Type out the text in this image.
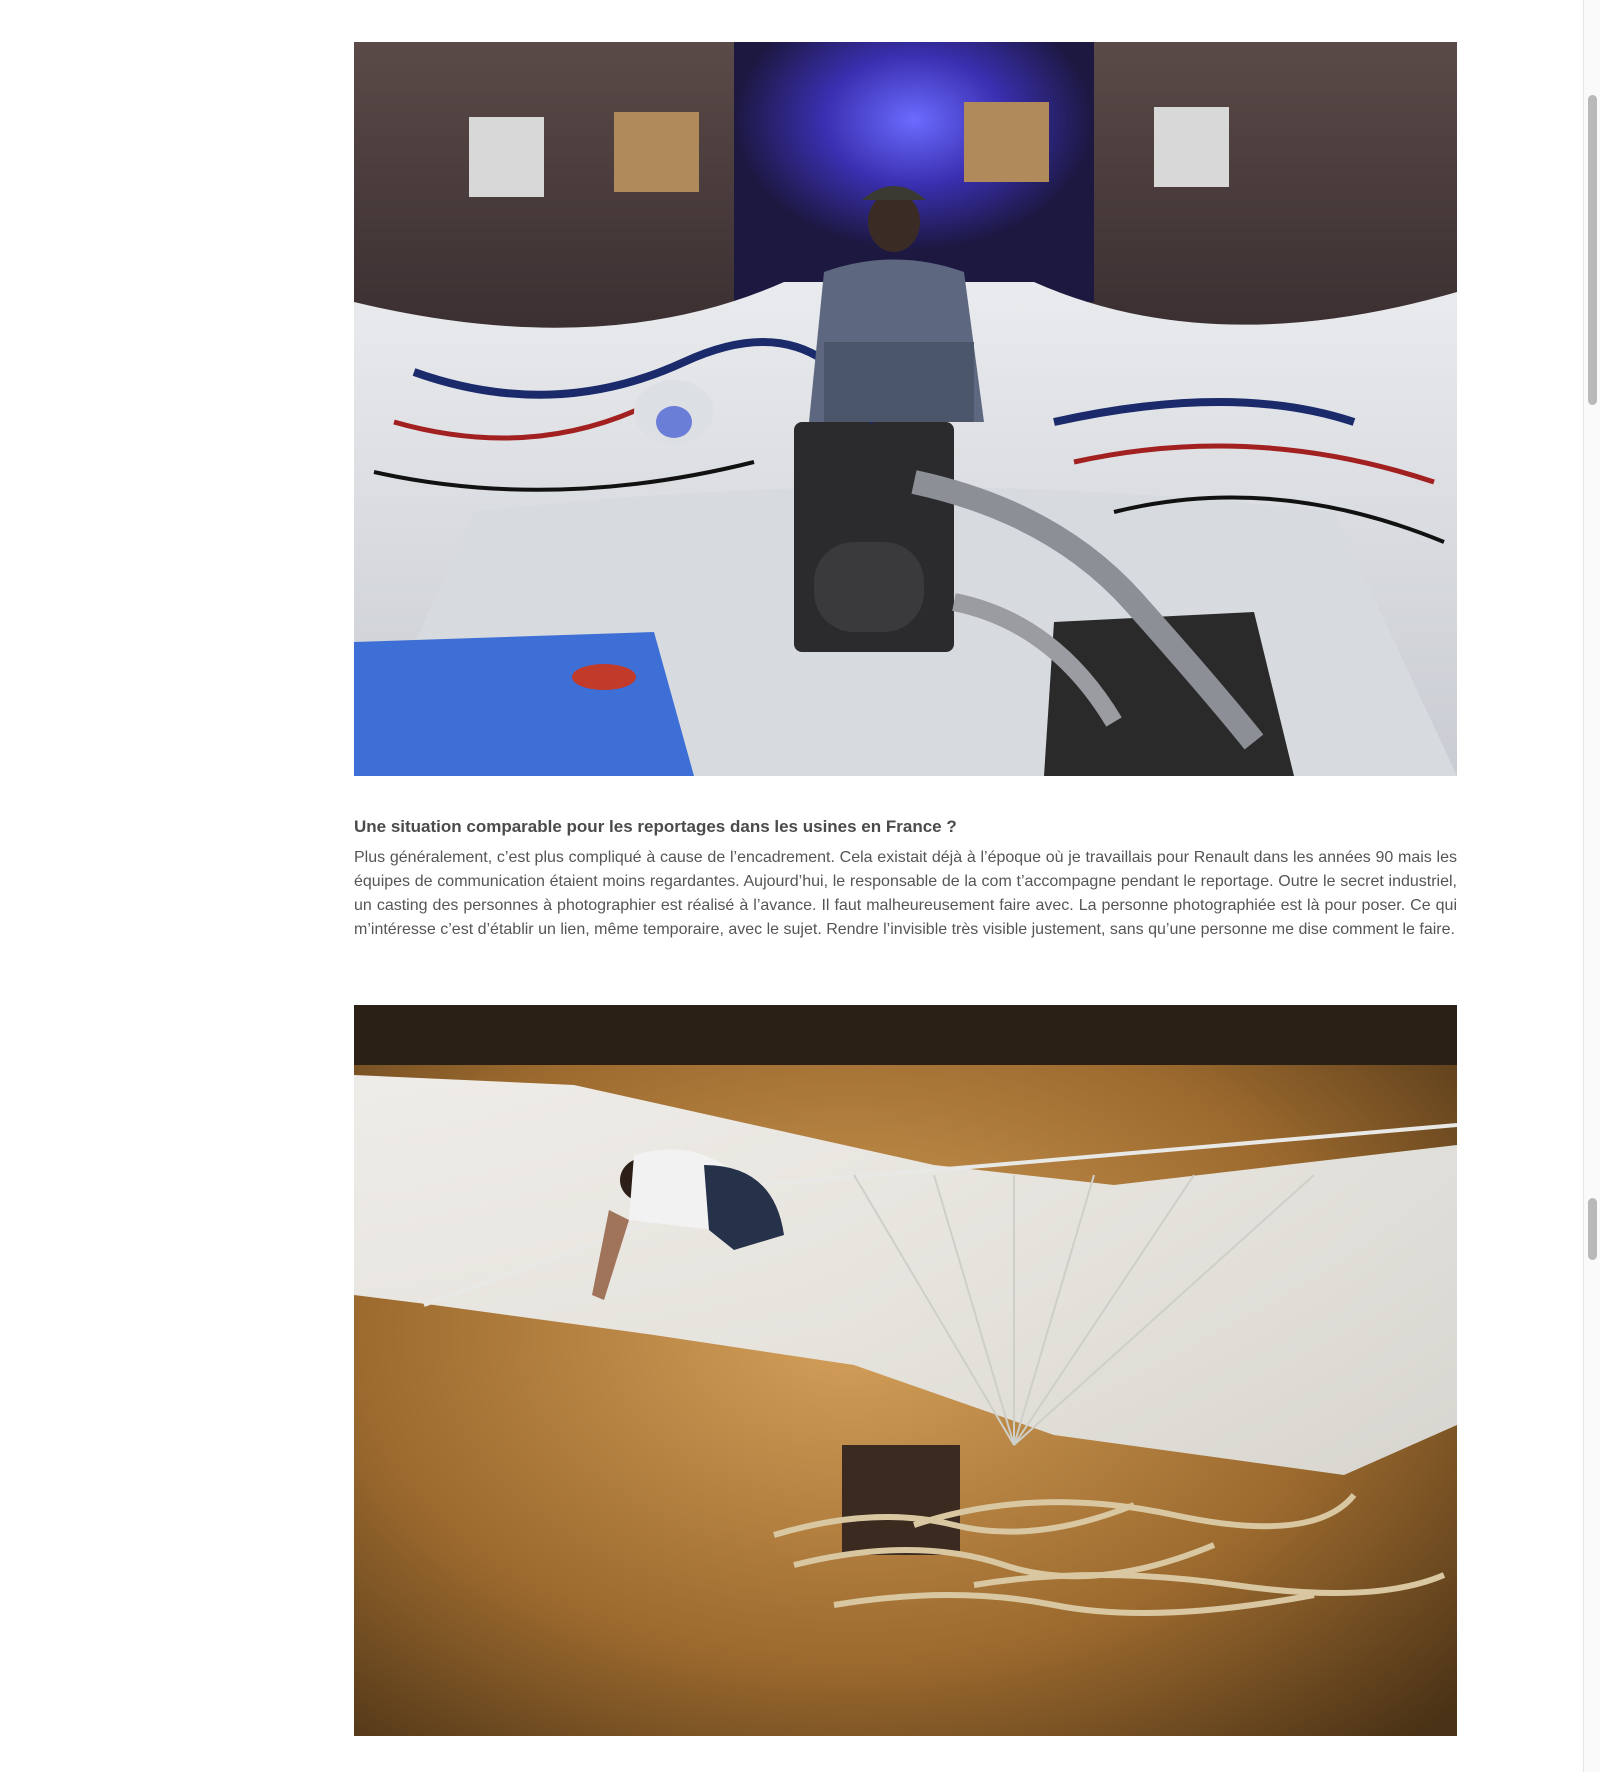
Une situation comparable pour les reportages dans les usines en France ?

Plus généralement, c’est plus compliqué à cause de l’encadrement. Cela existait déjà à l’époque où je travaillais pour Renault dans les années 90 mais les équipes de communication étaient moins regardantes. Aujourd’hui, le responsable de la com t’accompagne pendant le reportage. Outre le secret industriel, un casting des personnes à photographier est réalisé à l’avance. Il faut malheureusement faire avec. La personne photographiée est là pour poser. Ce qui m’intéresse c’est d’établir un lien, même temporaire, avec le sujet. Rendre l’invisible très visible justement, sans qu’une personne me dise comment le faire.
